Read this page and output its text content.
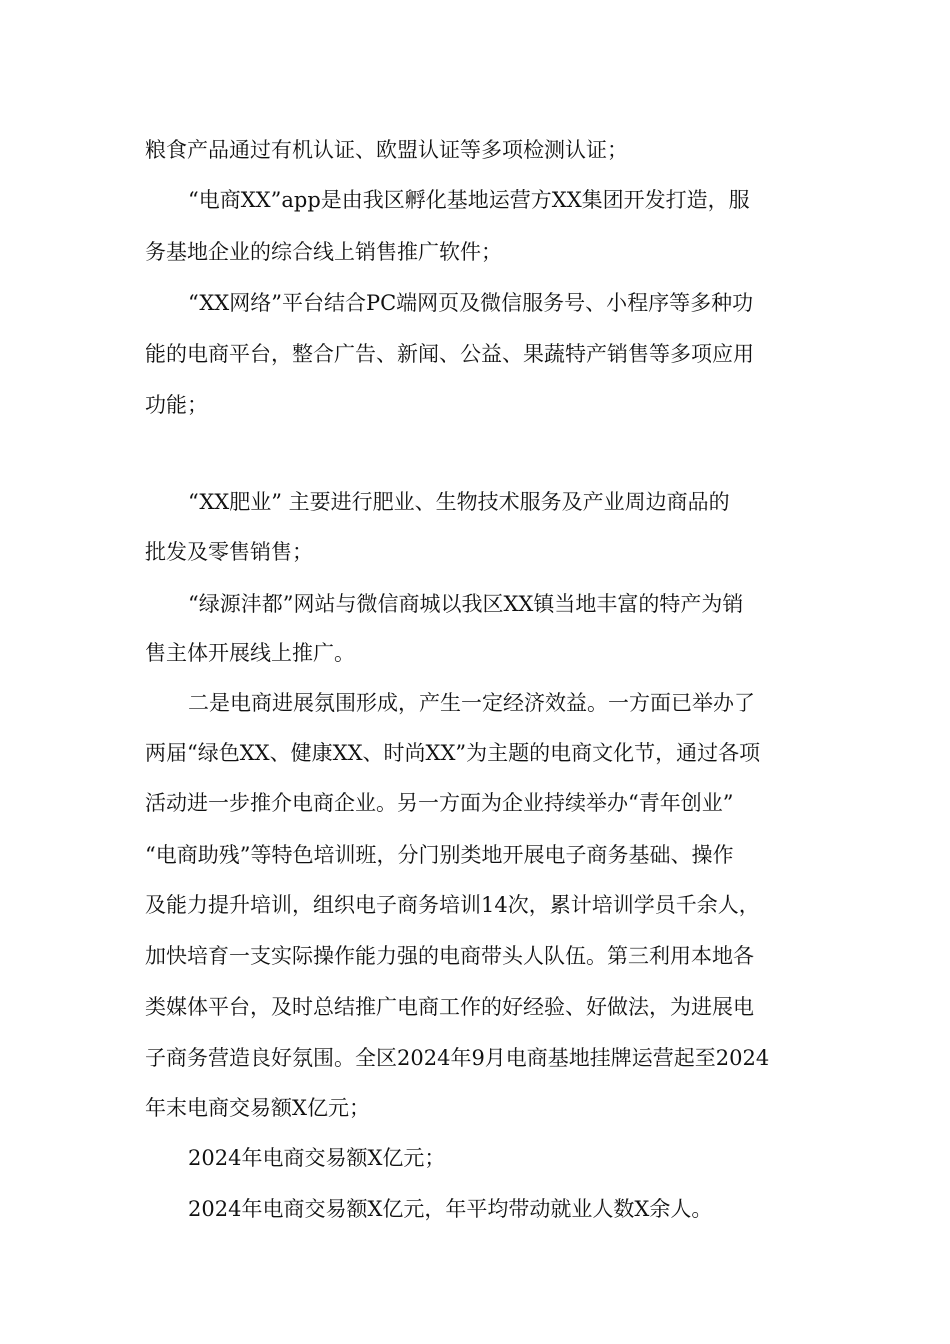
粮食产品通过有机认证、欧盟认证等多项检测认证；
“电商XX”app是由我区孵化基地运营方XX集团开发打造，服
务基地企业的综合线上销售推广软件；
“XX网络”平台结合PC端网页及微信服务号、小程序等多种功
能的电商平台，整合广告、新闻、公益、果蔬特产销售等多项应用
功能；
“XX肥业” 主要进行肥业、生物技术服务及产业周边商品的
批发及零售销售；
“绿源沣都”网站与微信商城以我区XX镇当地丰富的特产为销
售主体开展线上推广。
二是电商进展氛围形成，产生一定经济效益。一方面已举办了
两届“绿色XX、健康XX、时尚XX”为主题的电商文化节，通过各项
活动进一步推介电商企业。另一方面为企业持续举办“青年创业”
“电商助残”等特色培训班，分门别类地开展电子商务基础、操作
及能力提升培训，组织电子商务培训14次，累计培训学员千余人，
加快培育一支实际操作能力强的电商带头人队伍。第三利用本地各
类媒体平台，及时总结推广电商工作的好经验、好做法，为进展电
子商务营造良好氛围。全区2024年9月电商基地挂牌运营起至2024
年末电商交易额X亿元；
2024年电商交易额X亿元；
2024年电商交易额X亿元，年平均带动就业人数X余人。
